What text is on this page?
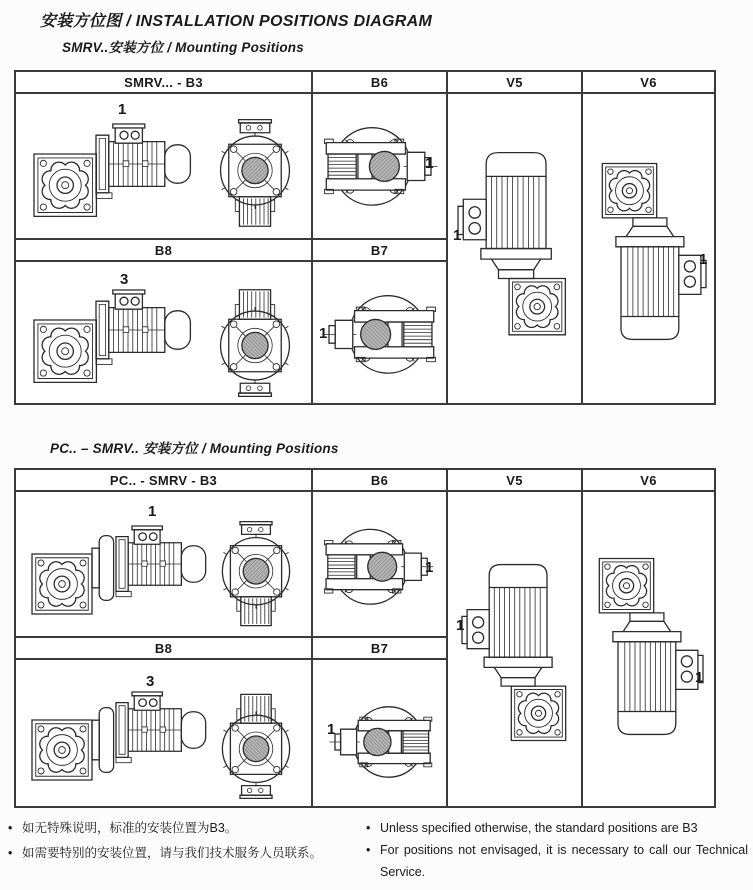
安装方位图 / INSTALLATION POSITIONS DIAGRAM
SMRV..安装方位 / Mounting Positions
SMRV... - B3	B6	V5	V6
1
1
B8	B7
3
1
1
1
PC.. – SMRV.. 安装方位 / Mounting Positions
PC.. - SMRV - B3	B6	V5	V6
1
1
B8	B7
3
1
1
1
• 如无特殊说明，标准的安装位置为B3。
• 如需要特别的安装位置，请与我们技术服务人员联系。
• Unless specified otherwise, the standard positions are B3
• For positions not envisaged, it is necessary to call our Technical Service.
